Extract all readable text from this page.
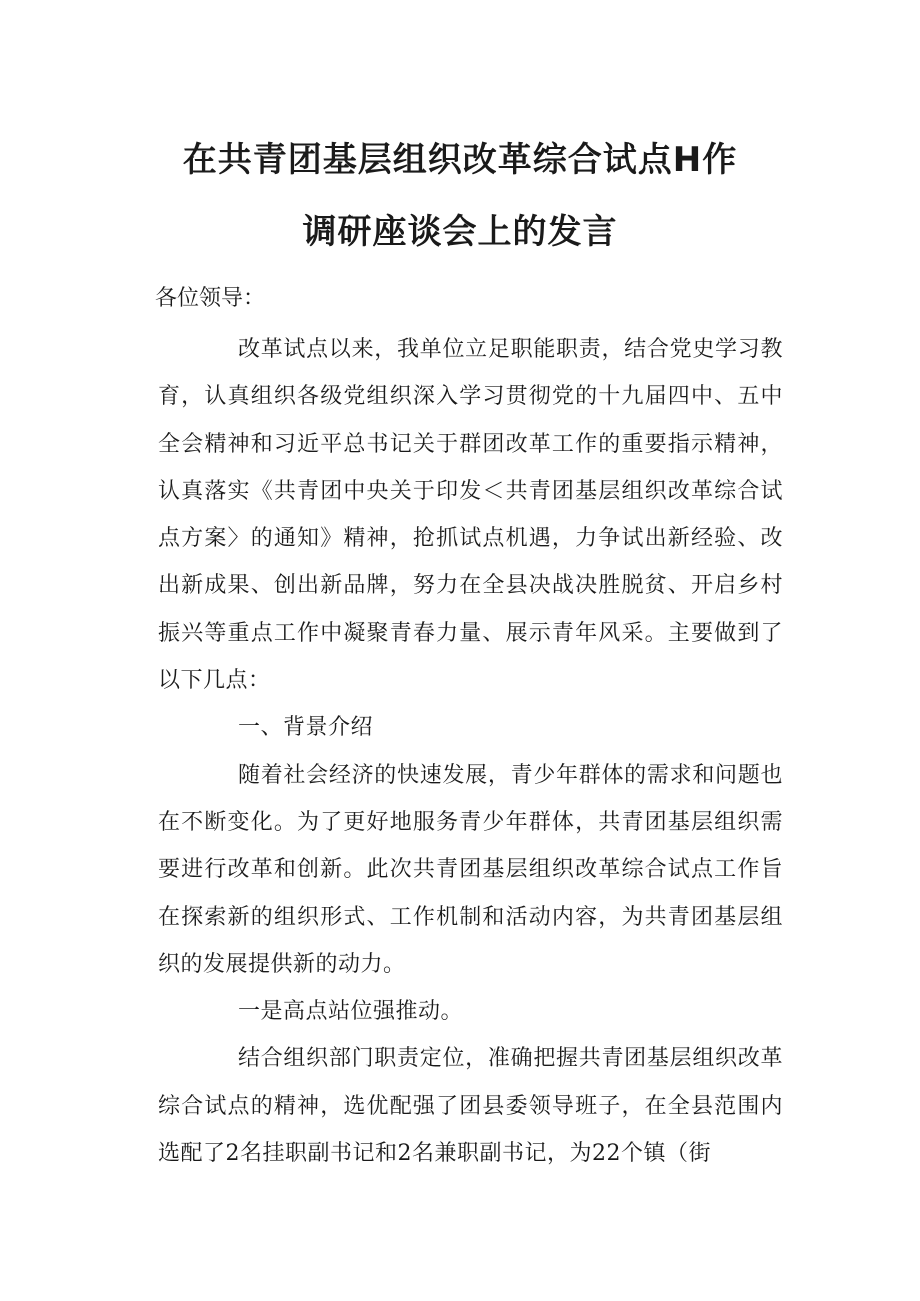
在共青团基层组织改革综合试点H作
调研座谈会上的发言
各位领导：

改革试点以来，我单位立足职能职责，结合党史学习教育，认真组织各级党组织深入学习贯彻党的十九届四中、五中全会精神和习近平总书记关于群团改革工作的重要指示精神，认真落实《共青团中央关于印发＜共青团基层组织改革综合试点方案〉的通知》精神，抢抓试点机遇，力争试出新经验、改出新成果、创出新品牌，努力在全县决战决胜脱贫、开启乡村振兴等重点工作中凝聚青春力量、展示青年风采。主要做到了以下几点：

一、背景介绍

随着社会经济的快速发展，青少年群体的需求和问题也在不断变化。为了更好地服务青少年群体，共青团基层组织需要进行改革和创新。此次共青团基层组织改革综合试点工作旨在探索新的组织形式、工作机制和活动内容，为共青团基层组织的发展提供新的动力。

一是高点站位强推动。

结合组织部门职责定位，准确把握共青团基层组织改革综合试点的精神，选优配强了团县委领导班子，在全县范围内选配了2名挂职副书记和2名兼职副书记，为22个镇（街
